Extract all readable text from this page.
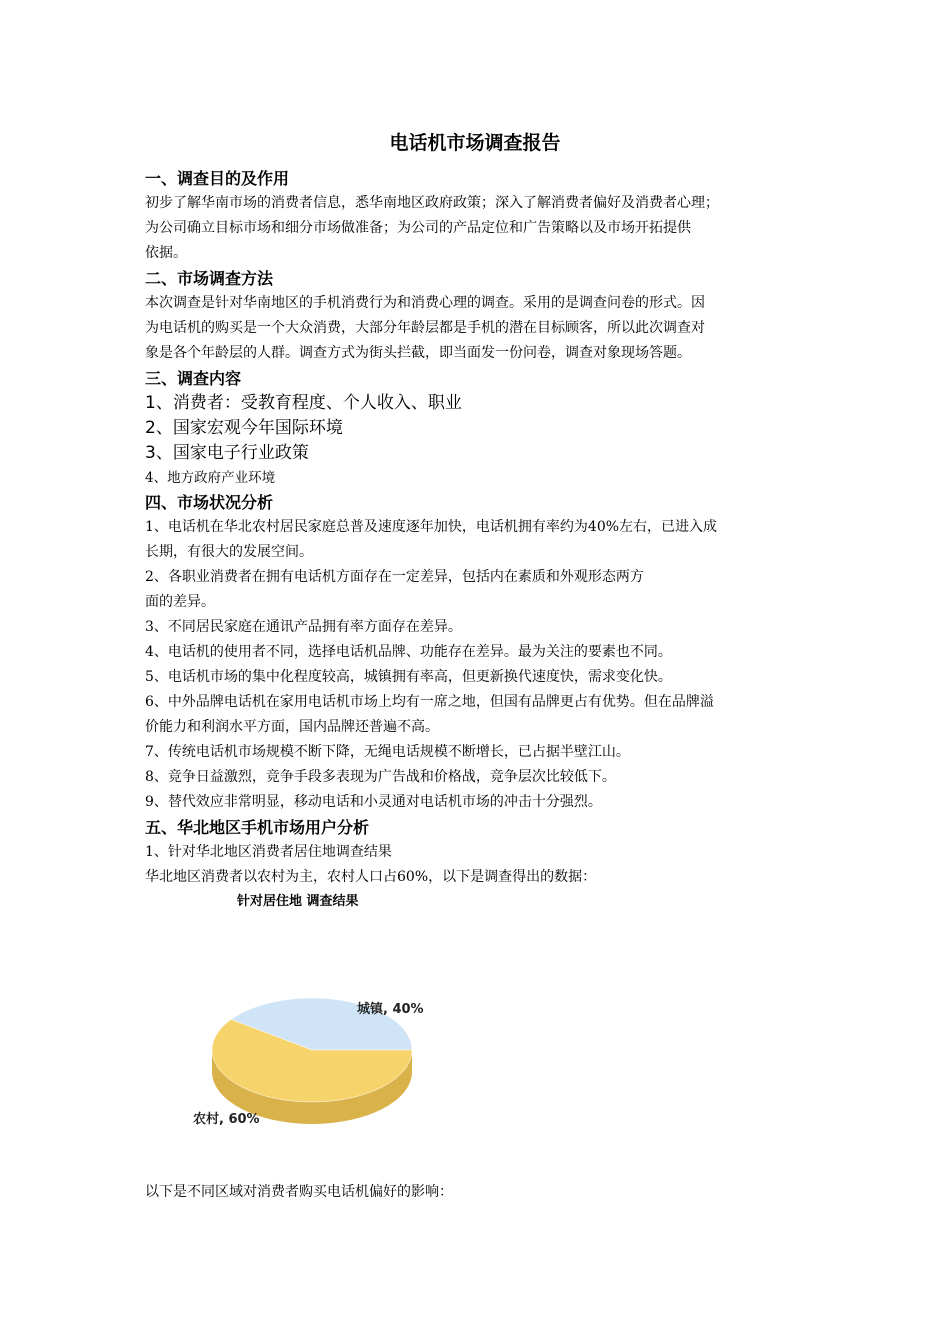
电话机市场调查报告
一、调查目的及作用

初步了解华南市场的消费者信息，悉华南地区政府政策；深入了解消费者偏好及消费者心理；

为公司确立目标市场和细分市场做准备；为公司的产品定位和广告策略以及市场开拓提供

依据。

二、市场调查方法

本次调查是针对华南地区的手机消费行为和消费心理的调查。采用的是调查问卷的形式。因

为电话机的购买是一个大众消费，大部分年龄层都是手机的潜在目标顾客，所以此次调查对

象是各个年龄层的人群。调查方式为街头拦截，即当面发一份问卷，调查对象现场答题。

三、调查内容

1、消费者：受教育程度、个人收入、职业

2、国家宏观今年国际环境

3、国家电子行业政策

4、地方政府产业环境

四、市场状况分析

1、电话机在华北农村居民家庭总普及速度逐年加快，电话机拥有率约为40%左右，已进入成

长期，有很大的发展空间。

2、各职业消费者在拥有电话机方面存在一定差异，包括内在素质和外观形态两方

面的差异。

3、不同居民家庭在通讯产品拥有率方面存在差异。

4、电话机的使用者不同，选择电话机品牌、功能存在差异。最为关注的要素也不同。

5、电话机市场的集中化程度较高，城镇拥有率高，但更新换代速度快，需求变化快。

6、中外品牌电话机在家用电话机市场上均有一席之地，但国有品牌更占有优势。但在品牌溢

价能力和利润水平方面，国内品牌还普遍不高。

7、传统电话机市场规模不断下降，无绳电话规模不断增长，已占据半壁江山。

8、竞争日益激烈，竞争手段多表现为广告战和价格战，竞争层次比较低下。

9、替代效应非常明显，移动电话和小灵通对电话机市场的冲击十分强烈。

五、华北地区手机市场用户分析

1、针对华北地区消费者居住地调查结果

华北地区消费者以农村为主，农村人口占60%，以下是调查得出的数据：

针对居住地 调查结果
城镇, 40%
农村, 60%

以下是不同区域对消费者购买电话机偏好的影响：
